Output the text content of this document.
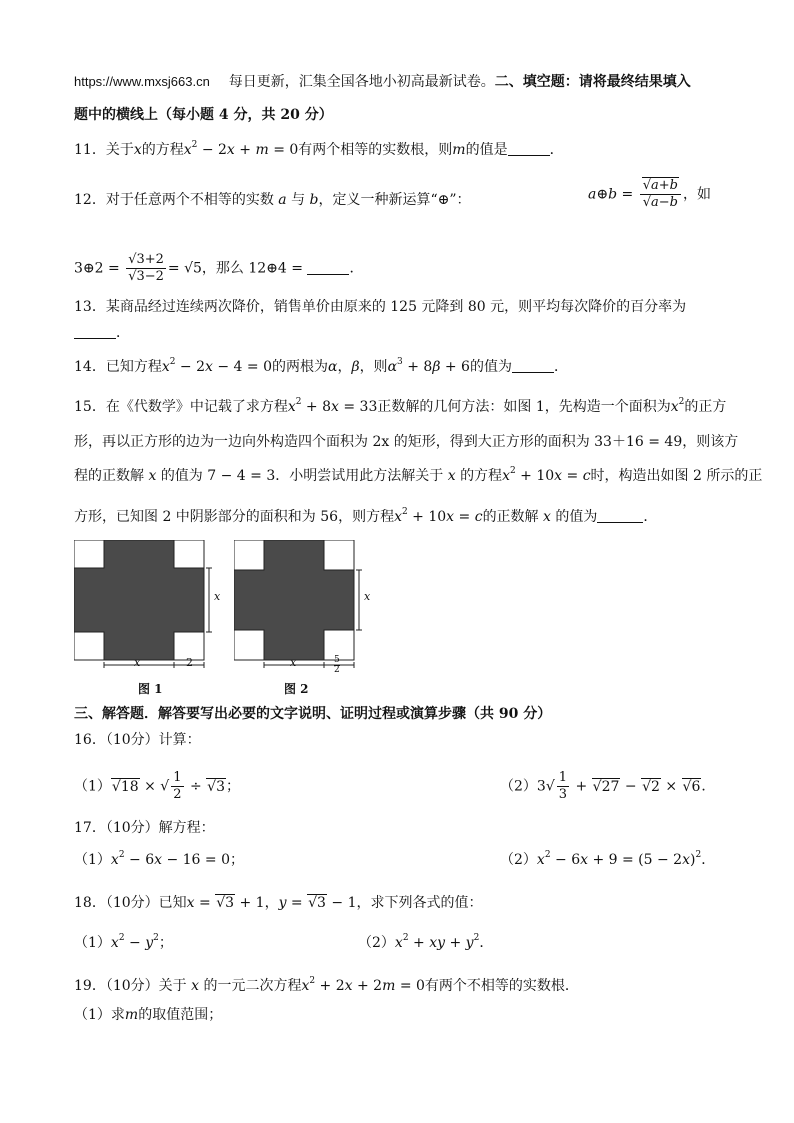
https://www.mxsj663.cn 每日更新，汇集全国各地小初高最新试卷。二、填空题：请将最终结果填入
题中的横线上（每小题 4 分，共 20 分）
11．关于x的方程$x^2 - 2x + m = 0$有两个相等的实数根，则m的值是	．
12．对于任意两个不相等的实数 a 与 b，定义一种新运算“⊕”：	a⊕b = $\frac{√a+b}{√a-b}$ ，如
3⊕2 = $\frac{√3+2}{√3-2} = √5$，那么 12⊕4 =	．
13．某商品经过连续两次降价，销售单价由原来的 125 元降到 80 元，则平均每次降价的百分率为
．
14．已知方程$x^2 - 2x - 4 = 0$的两根为α，β，则$\alpha^3 + 8\beta + 6$的值为	．
15．在《代数学》中记载了求方程$x^2 + 8x = 33$正数解的几何方法：如图 1，先构造一个面积为$x^2$的正方
形，再以正方形的边为一边向外构造四个面积为 2x 的矩形，得到大正方形的面积为 33＋16 = 49，则该方
程的正数解 x 的值为 7 − 4 = 3．小明尝试用此方法解关于 x 的方程$x^2 + 10x = c$时，构造出如图 2 所示的正
方形，已知图 2 中阴影部分的面积和为 56，则方程$x^2 + 10x = c$的正数解 x 的值为	．
x
x	2
图 1
x
x	5
2
图 2
三、解答题．解答要写出必要的文字说明、证明过程或演算步骤（共 90 分）
16．（10分）计算：
（1）√18 × √ $\frac{1}{2} \div √3$；	$(2)3√ \frac{1}{3} + √27 - √2 \times √6$．
17．（10分）解方程：
$(1)x^2 - 6x - 16 = 0$；	$(2)x^2 - 6x + 9 = (5 - 2x)^2$．
18．（10分）已知x = √3 + 1，y = √3 − 1，求下列各式的值：
$(1)x^2 - y^2$；	$(2)x^2$ + xy + $y^2$．
19．（10分）关于 x 的一元二次方程$x^2 + 2x + 2m = 0$有两个不相等的实数根．
（1）求m的取值范围；
